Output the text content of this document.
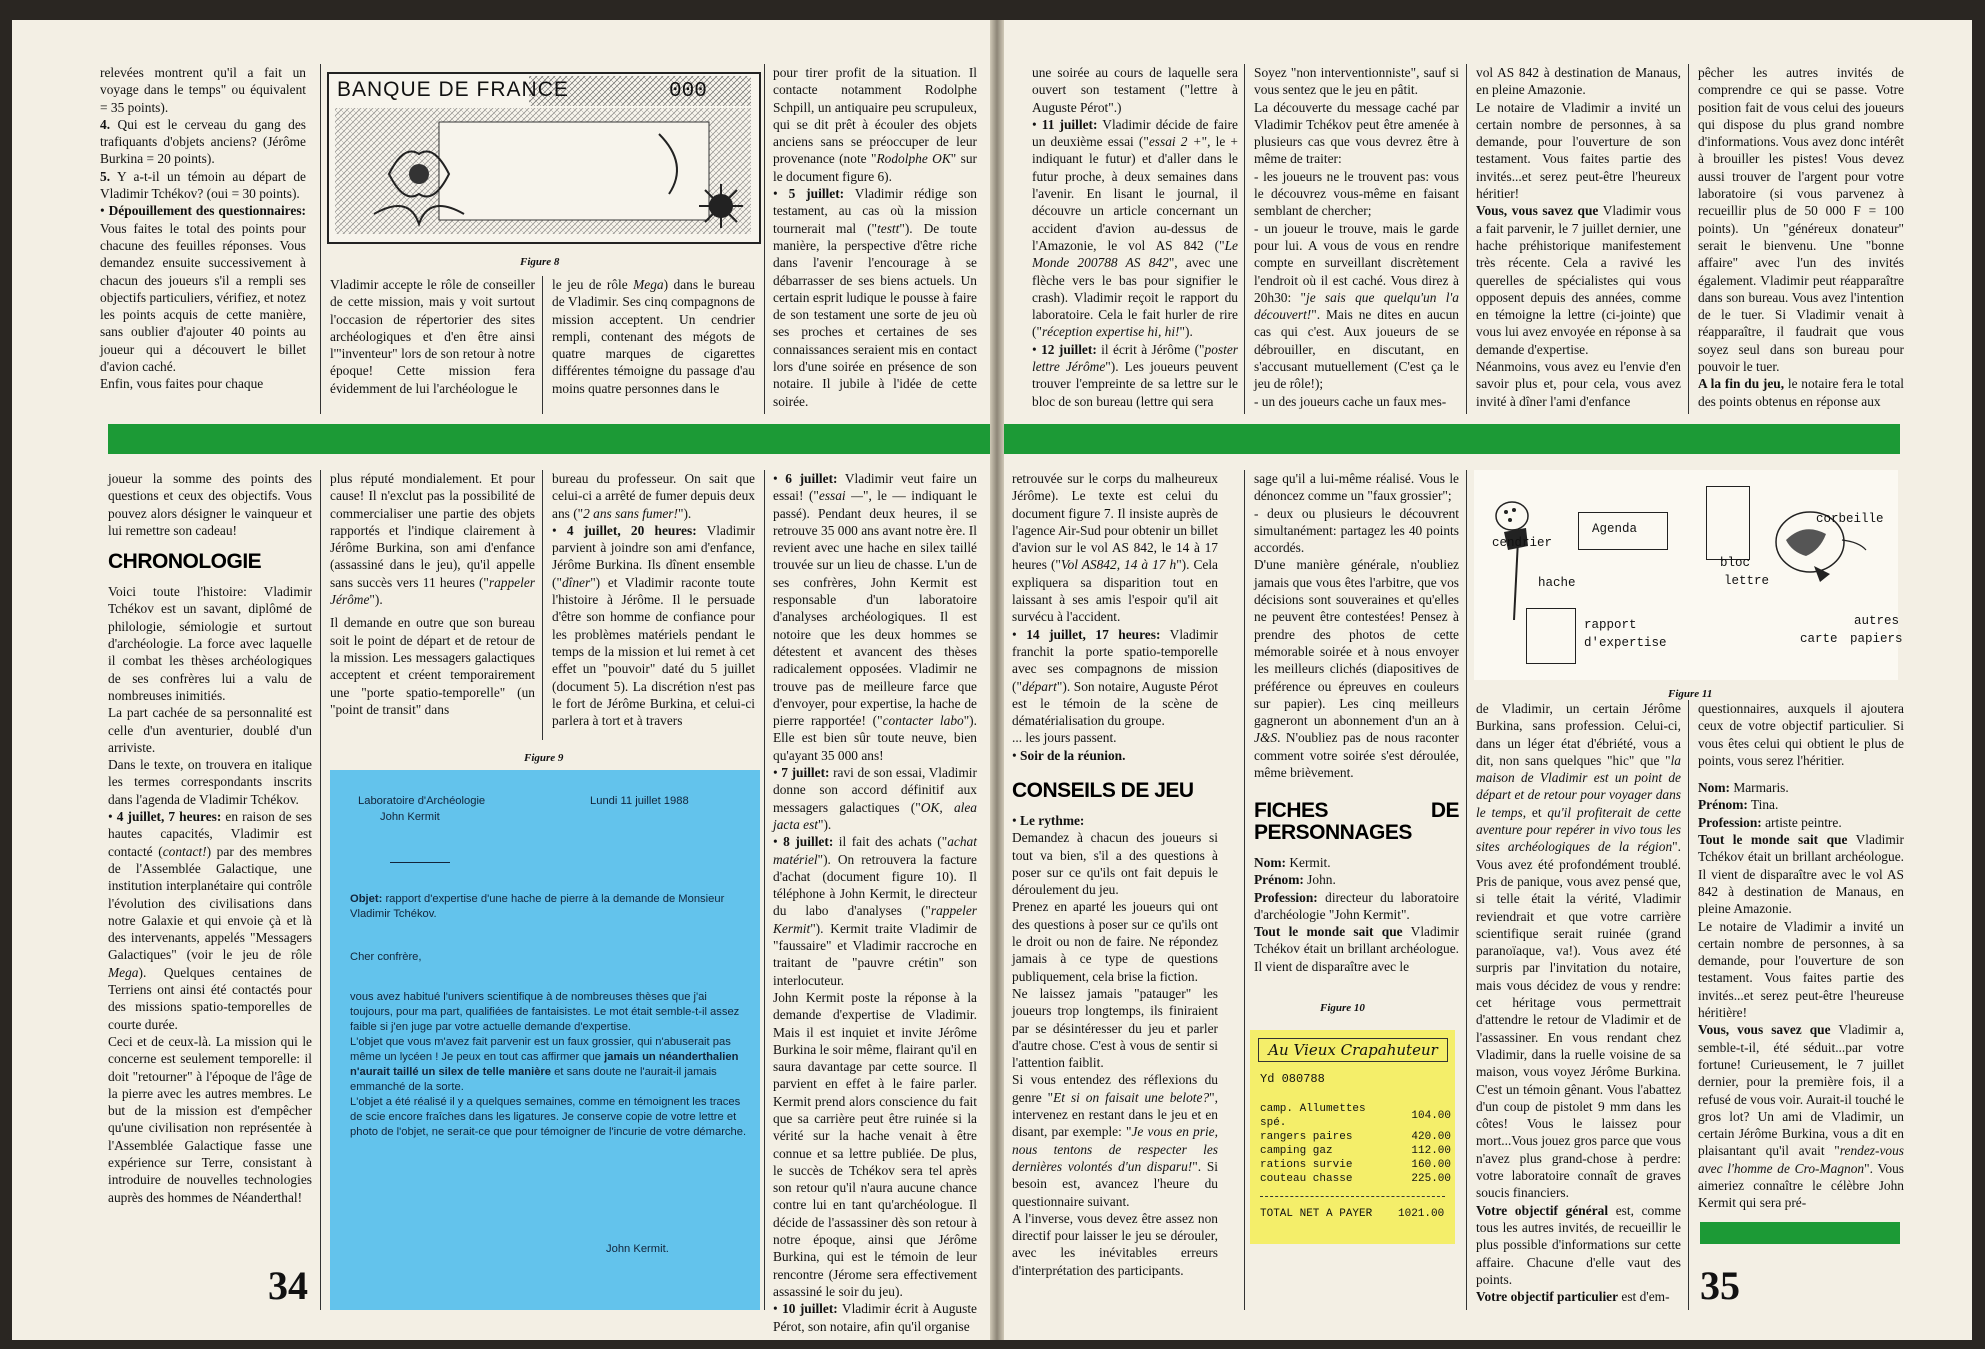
relevées montrent qu'il a fait un voyage dans le temps" ou équivalent = 35 points).

4. Qui est le cerveau du gang des trafiquants d'objets anciens? (Jérôme Burkina = 20 points).

5. Y a-t-il un témoin au départ de Vladimir Tchékov? (oui = 30 points).

• Dépouillement des questionnaires: Vous faites le total des points pour chacune des feuilles réponses. Vous demandez ensuite successivement à chacun des joueurs s'il a rempli ses objectifs particuliers, vérifiez, et notez les points acquis de cette manière, sans oublier d'ajouter 40 points au joueur qui a découvert le billet d'avion caché.

Enfin, vous faites pour chaque

BANQUE DE FRANCE	000
Figure 8

Vladimir accepte le rôle de conseiller de cette mission, mais y voit surtout l'occasion de répertorier des sites archéologiques et d'en être ainsi l'"inventeur" lors de son retour à notre époque! Cette mission fera évidemment de lui l'archéologue le

le jeu de rôle Mega) dans le bureau de Vladimir. Ses cinq compagnons de mission acceptent. Un cendrier rempli, contenant des mégots de quatre marques de cigarettes différentes témoigne du passage d'au moins quatre personnes dans le

pour tirer profit de la situation. Il contacte notamment Rodolphe Schpill, un antiquaire peu scrupuleux, qui se dit prêt à écouler des objets anciens sans se préoccuper de leur provenance (note "Rodolphe OK" sur le document figure 6).

• 5 juillet: Vladimir rédige son testament, au cas où la mission tournerait mal ("testt"). De toute manière, la perspective d'être riche dans l'avenir l'encourage à se débarrasser de ses biens actuels. Un certain esprit ludique le pousse à faire de son testament une sorte de jeu où ses proches et certaines de ses connaissances seraient mis en contact lors d'une soirée en présence de son notaire. Il jubile à l'idée de cette soirée.

joueur la somme des points des questions et ceux des objectifs. Vous pouvez alors désigner le vainqueur et lui remettre son cadeau!

CHRONOLOGIE

Voici toute l'histoire: Vladimir Tchékov est un savant, diplômé de philologie, sémiologie et surtout d'archéologie. La force avec laquelle il combat les thèses archéologiques de ses confrères lui a valu de nombreuses inimitiés.

La part cachée de sa personnalité est celle d'un aventurier, doublé d'un arriviste.

Dans le texte, on trouvera en italique les termes correspondants inscrits dans l'agenda de Vladimir Tchékov.

• 4 juillet, 7 heures: en raison de ses hautes capacités, Vladimir est contacté (contact!) par des membres de l'Assemblée Galactique, une institution interplanétaire qui contrôle l'évolution des civilisations dans notre Galaxie et qui envoie çà et là des intervenants, appelés "Messagers Galactiques" (voir le jeu de rôle Mega). Quelques centaines de Terriens ont ainsi été contactés pour des missions spatio-temporelles de courte durée.

Ceci et de ceux-là. La mission qui le concerne est seulement temporelle: il doit "retourner" à l'époque de l'âge de la pierre avec les autres membres. Le but de la mission est d'empêcher qu'une civilisation non représentée à l'Assemblée Galactique fasse une expérience sur Terre, consistant à introduire de nouvelles technologies auprès des hommes de Néanderthal!

plus réputé mondialement. Et pour cause! Il n'exclut pas la possibilité de commercialiser une partie des objets rapportés et l'indique clairement à Jérôme Burkina, son ami d'enfance (assassiné dans le jeu), qu'il appelle sans succès vers 11 heures ("rappeler Jérôme").

Il demande en outre que son bureau soit le point de départ et de retour de la mission. Les messagers galactiques acceptent et créent temporairement une "porte spatio-temporelle" (un "point de transit" dans

bureau du professeur. On sait que celui-ci a arrêté de fumer depuis deux ans ("2 ans sans fumer!").

• 4 juillet, 20 heures: Vladimir parvient à joindre son ami d'enfance, Jérôme Burkina. Ils dînent ensemble ("dîner") et Vladimir raconte toute l'histoire à Jérôme. Il le persuade d'être son homme de confiance pour les problèmes matériels pendant le temps de la mission et lui remet à cet effet un "pouvoir" daté du 5 juillet (document 5). La discrétion n'est pas le fort de Jérôme Burkina, et celui-ci parlera à tort et à travers

Figure 9
Laboratoire d'Archéologie
John Kermit
Lundi 11 juillet 1988
Objet: rapport d'expertise d'une hache de pierre à la demande de Monsieur Vladimir Tchékov.
Cher confrère,

vous avez habitué l'univers scientifique à de nombreuses thèses que j'ai toujours, pour ma part, qualifiées de fantaisistes. Le mot était semble-t-il assez faible si j'en juge par votre actuelle demande d'expertise.

L'objet que vous m'avez fait parvenir est un faux grossier, qui n'abuserait pas même un lycéen ! Je peux en tout cas affirmer que jamais un néanderthalien n'aurait taillé un silex de telle manière et sans doute ne l'aurait-il jamais emmanché de la sorte.

L'objet a été réalisé il y a quelques semaines, comme en témoignent les traces de scie encore fraîches dans les ligatures. Je conserve copie de votre lettre et photo de l'objet, ne serait-ce que pour témoigner de l'incurie de votre démarche.

John Kermit.
34

• 6 juillet: Vladimir veut faire un essai! ("essai —", le — indiquant le passé). Pendant deux heures, il se retrouve 35 000 ans avant notre ère. Il revient avec une hache en silex taillé trouvée sur un lieu de chasse. L'un de ses confrères, John Kermit est responsable d'un laboratoire d'analyses archéologiques. Il est notoire que les deux hommes se détestent et avancent des thèses radicalement opposées. Vladimir ne trouve pas de meilleure farce que d'envoyer, pour expertise, la hache de pierre rapportée! ("contacter labo"). Elle est bien sûr toute neuve, bien qu'ayant 35 000 ans!

• 7 juillet: ravi de son essai, Vladimir donne son accord définitif aux messagers galactiques ("OK, alea jacta est").

• 8 juillet: il fait des achats ("achat matériel"). On retrouvera la facture d'achat (document figure 10). Il téléphone à John Kermit, le directeur du labo d'analyses ("rappeler Kermit"). Kermit traite Vladimir de "faussaire" et Vladimir raccroche en traitant de "pauvre crétin" son interlocuteur.

John Kermit poste la réponse à la demande d'expertise de Vladimir. Mais il est inquiet et invite Jérôme Burkina le soir même, flairant qu'il en saura davantage par cette source. Il parvient en effet à le faire parler. Kermit prend alors conscience du fait que sa carrière peut être ruinée si la vérité sur la hache venait à être connue et sa lettre publiée. De plus, le succès de Tchékov sera tel après son retour qu'il n'aura aucune chance contre lui en tant qu'archéologue. Il décide de l'assassiner dès son retour à notre époque, ainsi que Jérôme Burkina, qui est le témoin de leur rencontre (Jérome sera effectivement assassiné le soir du jeu).

• 10 juillet: Vladimir écrit à Auguste Pérot, son notaire, afin qu'il organise

une soirée au cours de laquelle sera ouvert son testament ("lettre à Auguste Pérot".)

• 11 juillet: Vladimir décide de faire un deuxième essai ("essai 2 +", le + indiquant le futur) et d'aller dans le futur proche, à deux semaines dans l'avenir. En lisant le journal, il découvre un article concernant un accident d'avion au-dessus de l'Amazonie, le vol AS 842 ("Le Monde 200788 AS 842", avec une flèche vers le bas pour signifier le crash). Vladimir reçoit le rapport du laboratoire. Cela le fait hurler de rire ("réception expertise hi, hi!").

• 12 juillet: il écrit à Jérôme ("poster lettre Jérôme"). Les joueurs peuvent trouver l'empreinte de sa lettre sur le bloc de son bureau (lettre qui sera

Soyez "non interventionniste", sauf si vous sentez que le jeu en pâtit.

La découverte du message caché par Vladimir Tchékov peut être amenée à plusieurs cas que vous devrez être à même de traiter:

- les joueurs ne le trouvent pas: vous le découvrez vous-même en faisant semblant de chercher;

- un joueur le trouve, mais le garde pour lui. A vous de vous en rendre compte en surveillant discrètement l'endroit où il est caché. Vous direz à 20h30: "je sais que quelqu'un l'a découvert!". Mais ne dites en aucun cas qui c'est. Aux joueurs de se débrouiller, en discutant, en s'accusant mutuellement (C'est ça le jeu de rôle!);

- un des joueurs cache un faux mes-

vol AS 842 à destination de Manaus, en pleine Amazonie.

Le notaire de Vladimir a invité un certain nombre de personnes, à sa demande, pour l'ouverture de son testament. Vous faites partie des invités...et serez peut-être l'heureux héritier!

Vous, vous savez que Vladimir vous a fait parvenir, le 7 juillet dernier, une hache préhistorique manifestement très récente. Cela a ravivé les querelles de spécialistes qui vous opposent depuis des années, comme en témoigne la lettre (ci-jointe) que vous lui avez envoyée en réponse à sa demande d'expertise.

Néanmoins, vous avez eu l'envie d'en savoir plus et, pour cela, vous avez invité à dîner l'ami d'enfance

pêcher les autres invités de comprendre ce qui se passe. Votre position fait de vous celui des joueurs qui dispose du plus grand nombre d'informations. Vous avez donc intérêt à brouiller les pistes! Vous devez aussi trouver de l'argent pour votre laboratoire (si vous parvenez à recueillir plus de 50 000 F = 100 points). Un "généreux donateur" serait le bienvenu. Une "bonne affaire" avec l'un des invités également. Vladimir peut réapparaître dans son bureau. Vous avez l'intention de le tuer. Si Vladimir venait à réapparaître, il faudrait que vous soyez seul dans son bureau pour pouvoir le tuer.

A la fin du jeu, le notaire fera le total des points obtenus en réponse aux

retrouvée sur le corps du malheureux Jérôme). Le texte est celui du document figure 7. Il insiste auprès de l'agence Air-Sud pour obtenir un billet d'avion sur le vol AS 842, le 14 à 17 heures ("Vol AS842, 14 à 17 h"). Cela expliquera sa disparition tout en laissant à ses amis l'espoir qu'il ait survécu à l'accident.

• 14 juillet, 17 heures: Vladimir franchit la porte spatio-temporelle avec ses compagnons de mission ("départ"). Son notaire, Auguste Pérot est le témoin de la scène de dématérialisation du groupe.

... les jours passent.

• Soir de la réunion.

CONSEILS DE JEU

• Le rythme:

Demandez à chacun des joueurs si tout va bien, s'il a des questions à poser sur ce qu'ils ont fait depuis le déroulement du jeu.

Prenez en aparté les joueurs qui ont des questions à poser sur ce qu'ils ont le droit ou non de faire. Ne répondez jamais à ce type de questions publiquement, cela brise la fiction.

Ne laissez jamais "patauger" les joueurs trop longtemps, ils finiraient par se désintéresser du jeu et parler d'autre chose. C'est à vous de sentir si l'attention faiblit.

Si vous entendez des réflexions du genre "Et si on faisait une belote?", intervenez en restant dans le jeu et en disant, par exemple: "Je vous en prie, nous tentons de respecter les dernières volontés d'un disparu!". Si besoin est, avancez l'heure du questionnaire suivant.

A l'inverse, vous devez être assez non directif pour laisser le jeu se dérouler, avec les inévitables erreurs d'interprétation des participants.

sage qu'il a lui-même réalisé. Vous le dénoncez comme un "faux grossier";

- deux ou plusieurs le découvrent simultanément: partagez les 40 points accordés.

D'une manière générale, n'oubliez jamais que vous êtes l'arbitre, que vos décisions sont souveraines et qu'elles ne peuvent être contestées! Pensez à prendre des photos de cette mémorable soirée et à nous envoyer les meilleurs clichés (diapositives de préférence ou épreuves en couleurs sur papier). Les cinq meilleurs gagneront un abonnement d'un an à J&S. N'oubliez pas de nous raconter comment votre soirée s'est déroulée, même brièvement.

FICHES DE PERSONNAGES

Nom: Kermit.

Prénom: John.

Profession: directeur du laboratoire d'archéologie "John Kermit".

Tout le monde sait que Vladimir Tchékov était un brillant archéologue. Il vient de disparaître avec le

Figure 10
Au Vieux Crapahuteur
Yd 080788
camp. Allumettes spé.	104.00
rangers paires	420.00
camping gaz	112.00
rations survie	160.00
couteau chasse	225.00
TOTAL NET A PAYER 1021.00
cendrier
Agenda
corbeille
hache
bloc
lettre
rapport
d'expertise
autres
carte papiers
Figure 11

de Vladimir, un certain Jérôme Burkina, sans profession. Celui-ci, dans un léger état d'ébriété, vous a dit, non sans quelques "hic" que "la maison de Vladimir est un point de départ et de retour pour voyager dans le temps, et qu'il profiterait de cette aventure pour repérer in vivo tous les sites archéologiques de la région". Vous avez été profondément troublé. Pris de panique, vous avez pensé que, si telle était la vérité, Vladimir reviendrait et que votre carrière scientifique serait ruinée (grand paranoïaque, va!). Vous avez été surpris par l'invitation du notaire, mais vous décidez de vous y rendre: cet héritage vous permettrait d'attendre le retour de Vladimir et de l'assassiner. En vous rendant chez Vladimir, dans la ruelle voisine de sa maison, vous voyez Jérôme Burkina. C'est un témoin gênant. Vous l'abattez d'un coup de pistolet 9 mm dans les côtes! Vous le laissez pour mort...Vous jouez gros parce que vous n'avez plus grand-chose à perdre: votre laboratoire connaît de graves soucis financiers.

Votre objectif général est, comme tous les autres invités, de recueillir le plus possible d'informations sur cette affaire. Chacune d'elle vaut des points.

Votre objectif particulier est d'em-

questionnaires, auxquels il ajoutera ceux de votre objectif particulier. Si vous êtes celui qui obtient le plus de points, vous serez l'héritier.

Nom: Marmaris.

Prénom: Tina.

Profession: artiste peintre.

Tout le monde sait que Vladimir Tchékov était un brillant archéologue. Il vient de disparaître avec le vol AS 842 à destination de Manaus, en pleine Amazonie.

Le notaire de Vladimir a invité un certain nombre de personnes, à sa demande, pour l'ouverture de son testament. Vous faites partie des invités...et serez peut-être l'heureuse héritière!

Vous, vous savez que Vladimir a, semble-t-il, été séduit...par votre fortune! Curieusement, le 7 juillet dernier, pour la première fois, il a refusé de vous voir. Aurait-il touché le gros lot? Un ami de Vladimir, un certain Jérôme Burkina, vous a dit en plaisantant qu'il avait "rendez-vous avec l'homme de Cro-Magnon". Vous aimeriez connaître le célèbre John Kermit qui sera pré-

35
